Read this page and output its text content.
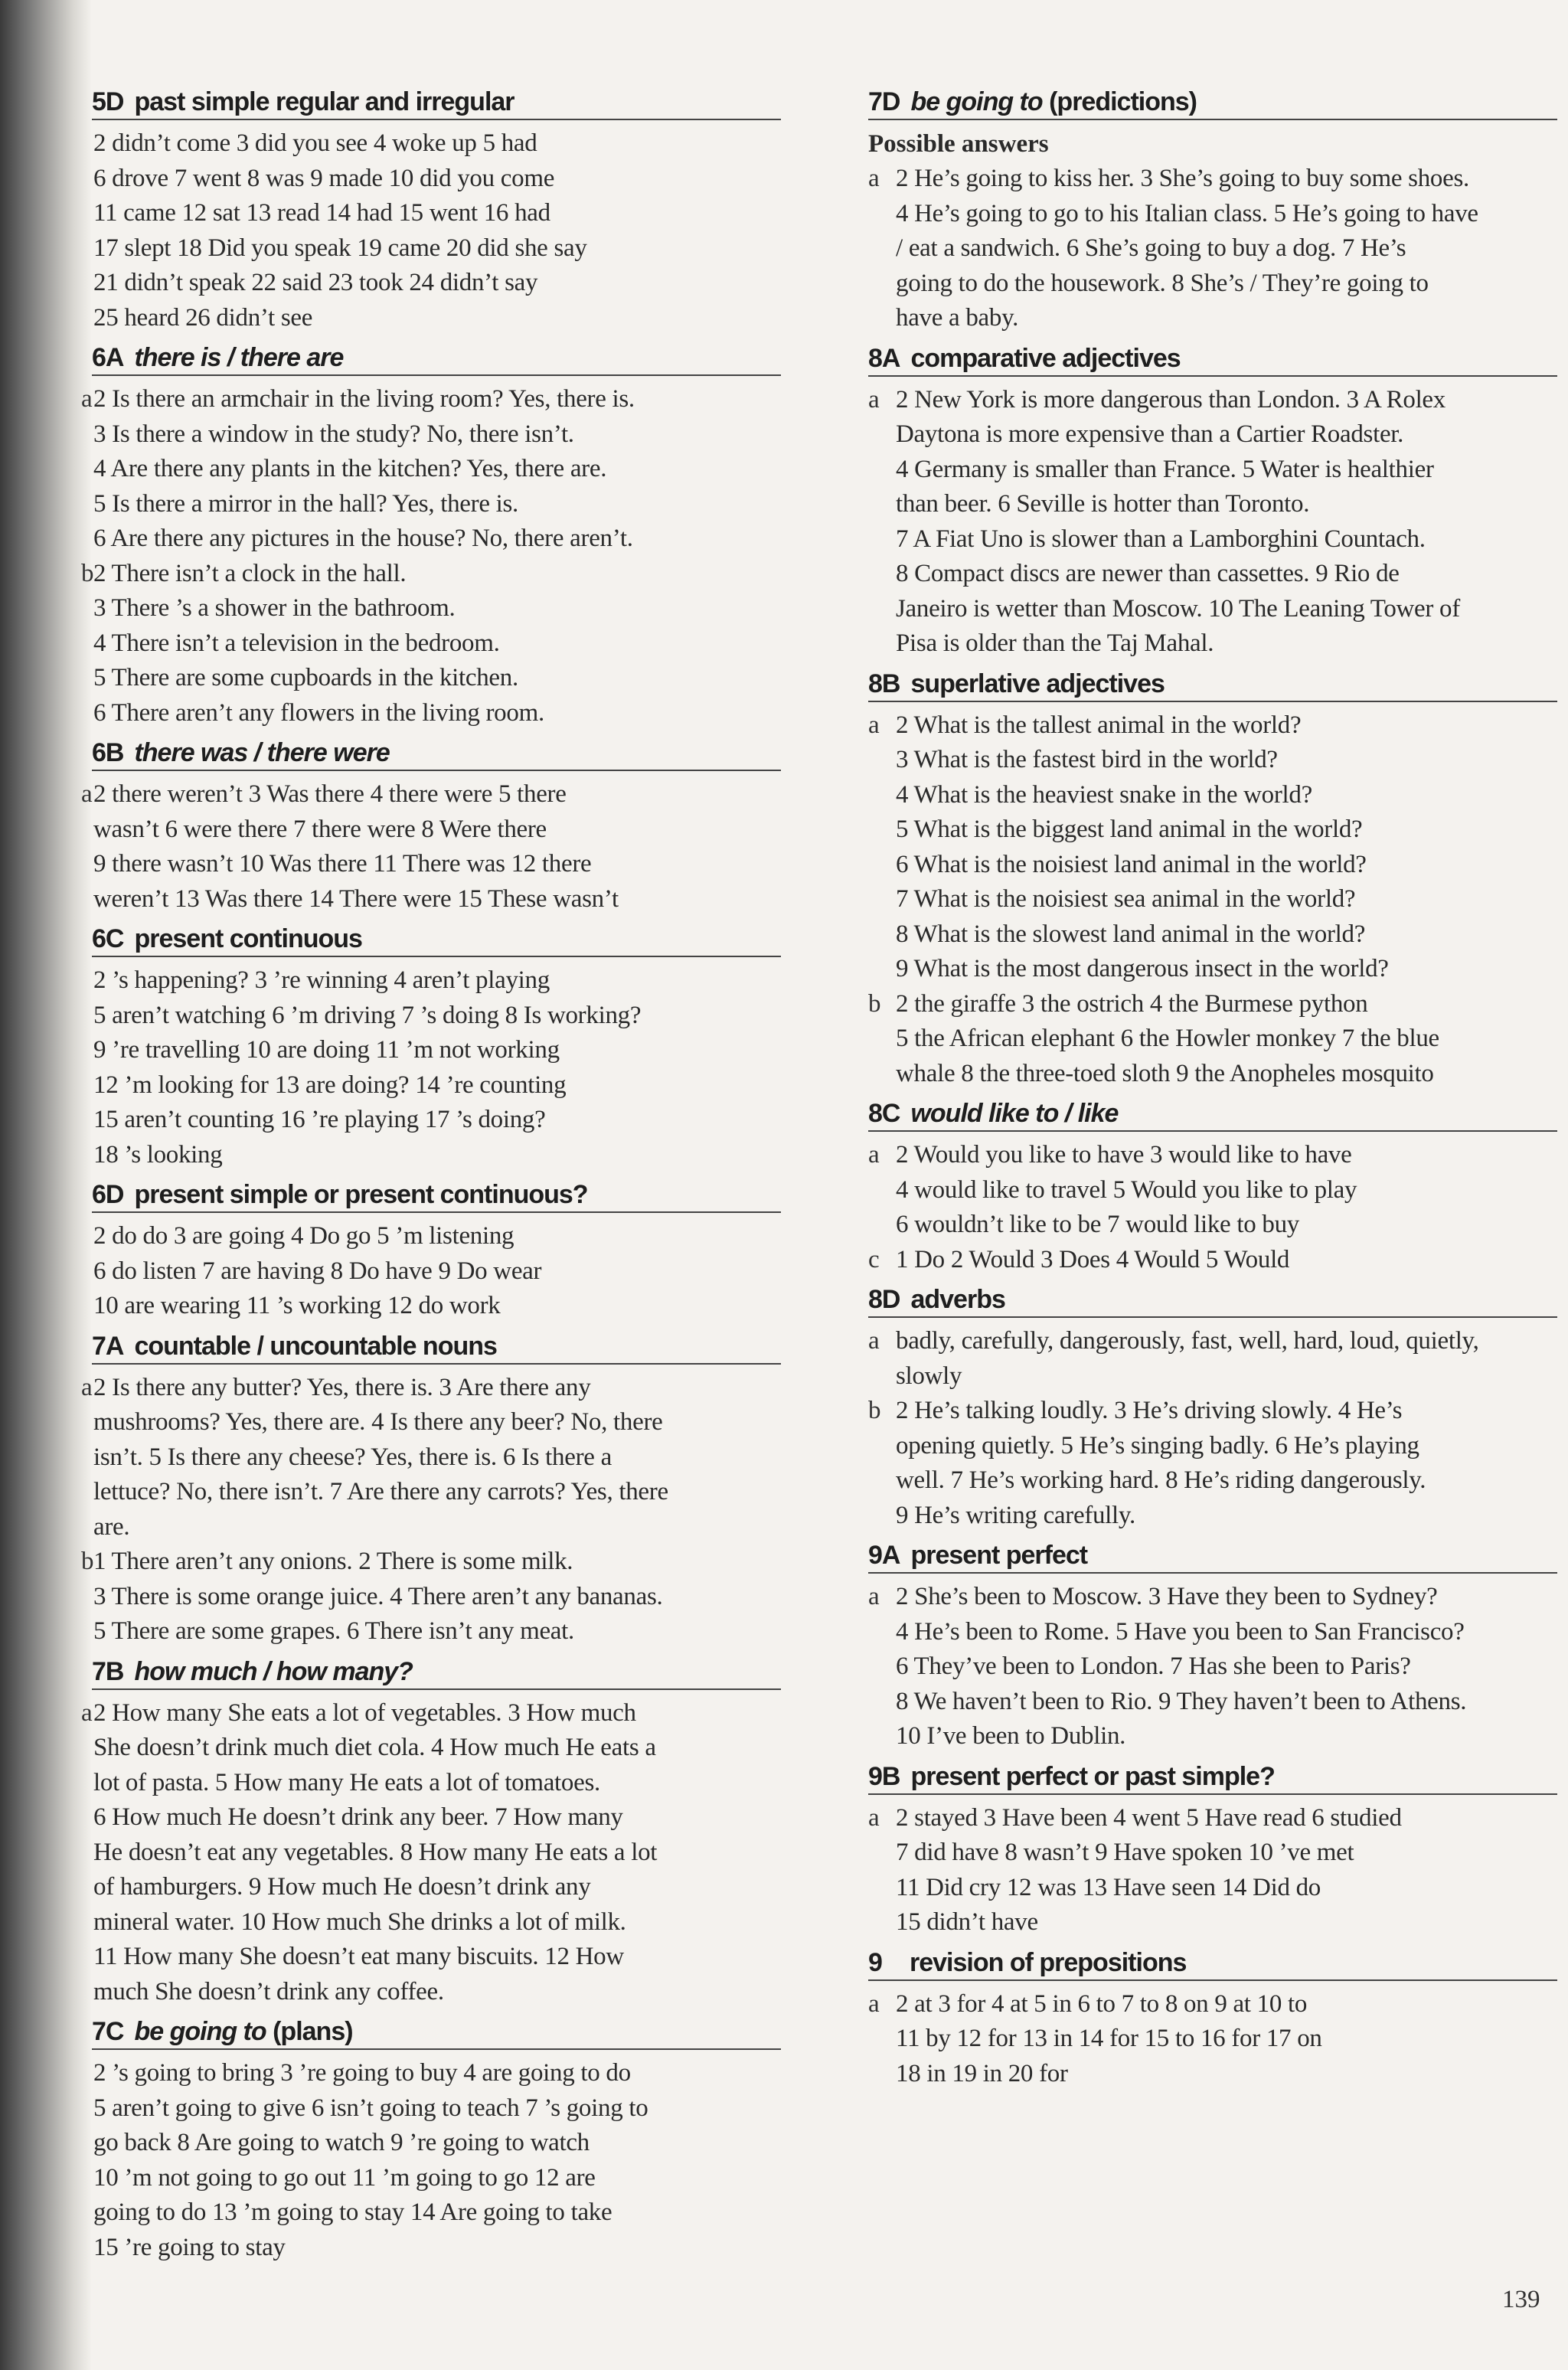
5D past simple regular and irregular
2 didn’t come 3 did you see 4 woke up 5 had
6 drove 7 went 8 was 9 made 10 did you come
11 came 12 sat 13 read 14 had 15 went 16 had
17 slept 18 Did you speak 19 came 20 did she say
21 didn’t speak 22 said 23 took 24 didn’t say
25 heard 26 didn’t see
6A there is / there are
a 2 Is there an armchair in the living room? Yes, there is.
3 Is there a window in the study? No, there isn’t.
4 Are there any plants in the kitchen? Yes, there are.
5 Is there a mirror in the hall? Yes, there is.
6 Are there any pictures in the house? No, there aren’t.
b 2 There isn’t a clock in the hall.
3 There ’s a shower in the bathroom.
4 There isn’t a television in the bedroom.
5 There are some cupboards in the kitchen.
6 There aren’t any flowers in the living room.
6B there was / there were
a 2 there weren’t 3 Was there 4 there were 5 there
wasn’t 6 were there 7 there were 8 Were there
9 there wasn’t 10 Was there 11 There was 12 there
weren’t 13 Was there 14 There were 15 These wasn’t
6C present continuous
2 ’s happening? 3 ’re winning 4 aren’t playing
5 aren’t watching 6 ’m driving 7 ’s doing 8 Is working?
9 ’re travelling 10 are doing 11 ’m not working
12 ’m looking for 13 are doing? 14 ’re counting
15 aren’t counting 16 ’re playing 17 ’s doing?
18 ’s looking
6D present simple or present continuous?
2 do do 3 are going 4 Do go 5 ’m listening
6 do listen 7 are having 8 Do have 9 Do wear
10 are wearing 11 ’s working 12 do work
7A countable / uncountable nouns
a 2 Is there any butter? Yes, there is. 3 Are there any
mushrooms? Yes, there are. 4 Is there any beer? No, there
isn’t. 5 Is there any cheese? Yes, there is. 6 Is there a
lettuce? No, there isn’t. 7 Are there any carrots? Yes, there
are.
b 1 There aren’t any onions. 2 There is some milk.
3 There is some orange juice. 4 There aren’t any bananas.
5 There are some grapes. 6 There isn’t any meat.
7B how much / how many?
a 2 How many She eats a lot of vegetables. 3 How much
She doesn’t drink much diet cola. 4 How much He eats a
lot of pasta. 5 How many He eats a lot of tomatoes.
6 How much He doesn’t drink any beer. 7 How many
He doesn’t eat any vegetables. 8 How many He eats a lot
of hamburgers. 9 How much He doesn’t drink any
mineral water. 10 How much She drinks a lot of milk.
11 How many She doesn’t eat many biscuits. 12 How
much She doesn’t drink any coffee.
7C be going to (plans)
2 ’s going to bring 3 ’re going to buy 4 are going to do
5 aren’t going to give 6 isn’t going to teach 7 ’s going to
go back 8 Are going to watch 9 ’re going to watch
10 ’m not going to go out 11 ’m going to go 12 are
going to do 13 ’m going to stay 14 Are going to take
15 ’re going to stay
7D be going to (predictions)
Possible answers
a 2 He’s going to kiss her. 3 She’s going to buy some shoes.
4 He’s going to go to his Italian class. 5 He’s going to have
/ eat a sandwich. 6 She’s going to buy a dog. 7 He’s
going to do the housework. 8 She’s / They’re going to
have a baby.
8A comparative adjectives
a 2 New York is more dangerous than London. 3 A Rolex
Daytona is more expensive than a Cartier Roadster.
4 Germany is smaller than France. 5 Water is healthier
than beer. 6 Seville is hotter than Toronto.
7 A Fiat Uno is slower than a Lamborghini Countach.
8 Compact discs are newer than cassettes. 9 Rio de
Janeiro is wetter than Moscow. 10 The Leaning Tower of
Pisa is older than the Taj Mahal.
8B superlative adjectives
a 2 What is the tallest animal in the world?
3 What is the fastest bird in the world?
4 What is the heaviest snake in the world?
5 What is the biggest land animal in the world?
6 What is the noisiest land animal in the world?
7 What is the noisiest sea animal in the world?
8 What is the slowest land animal in the world?
9 What is the most dangerous insect in the world?
b 2 the giraffe 3 the ostrich 4 the Burmese python
5 the African elephant 6 the Howler monkey 7 the blue
whale 8 the three-toed sloth 9 the Anopheles mosquito
8C would like to / like
a 2 Would you like to have 3 would like to have
4 would like to travel 5 Would you like to play
6 wouldn’t like to be 7 would like to buy
c 1 Do 2 Would 3 Does 4 Would 5 Would
8D adverbs
a badly, carefully, dangerously, fast, well, hard, loud, quietly,
slowly
b 2 He’s talking loudly. 3 He’s driving slowly. 4 He’s
opening quietly. 5 He’s singing badly. 6 He’s playing
well. 7 He’s working hard. 8 He’s riding dangerously.
9 He’s writing carefully.
9A present perfect
a 2 She’s been to Moscow. 3 Have they been to Sydney?
4 He’s been to Rome. 5 Have you been to San Francisco?
6 They’ve been to London. 7 Has she been to Paris?
8 We haven’t been to Rio. 9 They haven’t been to Athens.
10 I’ve been to Dublin.
9B present perfect or past simple?
a 2 stayed 3 Have been 4 went 5 Have read 6 studied
7 did have 8 wasn’t 9 Have spoken 10 ’ve met
11 Did cry 12 was 13 Have seen 14 Did do
15 didn’t have
9	revision of prepositions
a 2 at 3 for 4 at 5 in 6 to 7 to 8 on 9 at 10 to
11 by 12 for 13 in 14 for 15 to 16 for 17 on
18 in 19 in 20 for
139
